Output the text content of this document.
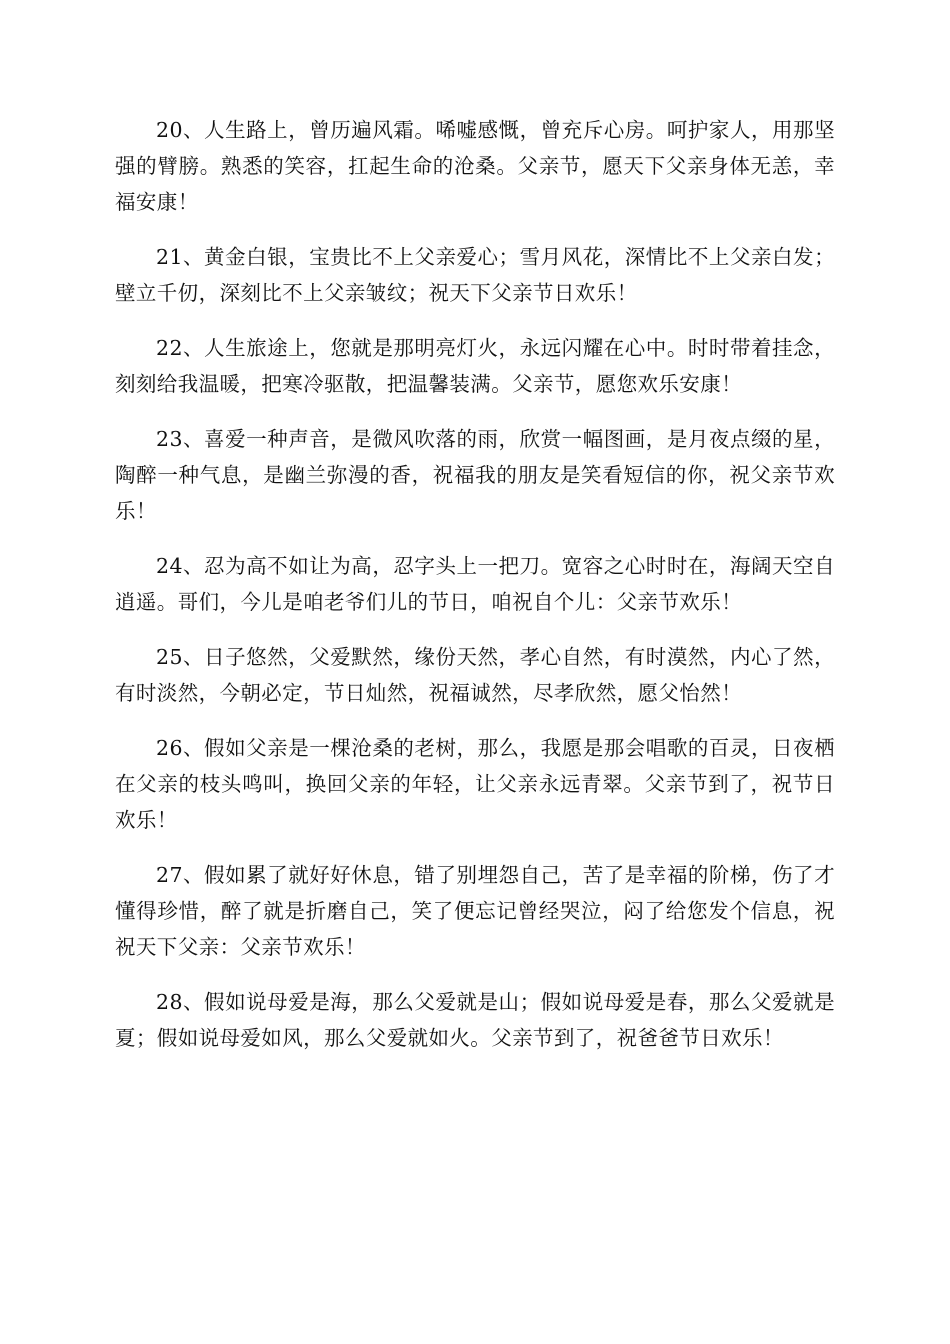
20、人生路上，曾历遍风霜。唏嘘感慨，曾充斥心房。呵护家人，用那坚强的臂膀。熟悉的笑容，扛起生命的沧桑。父亲节，愿天下父亲身体无恙，幸福安康！

21、黄金白银，宝贵比不上父亲爱心；雪月风花，深情比不上父亲白发；壁立千仞，深刻比不上父亲皱纹；祝天下父亲节日欢乐！

22、人生旅途上，您就是那明亮灯火，永远闪耀在心中。时时带着挂念，刻刻给我温暖，把寒冷驱散，把温馨装满。父亲节，愿您欢乐安康！

23、喜爱一种声音，是微风吹落的雨，欣赏一幅图画，是月夜点缀的星，陶醉一种气息，是幽兰弥漫的香，祝福我的朋友是笑看短信的你，祝父亲节欢乐！

24、忍为高不如让为高，忍字头上一把刀。宽容之心时时在，海阔天空自逍遥。哥们，今儿是咱老爷们儿的节日，咱祝自个儿：父亲节欢乐！

25、日子悠然，父爱默然，缘份天然，孝心自然，有时漠然，内心了然，有时淡然，今朝必定，节日灿然，祝福诚然，尽孝欣然，愿父怡然！

26、假如父亲是一棵沧桑的老树，那么，我愿是那会唱歌的百灵，日夜栖在父亲的枝头鸣叫，换回父亲的年轻，让父亲永远青翠。父亲节到了，祝节日欢乐！

27、假如累了就好好休息，错了别埋怨自己，苦了是幸福的阶梯，伤了才懂得珍惜，醉了就是折磨自己，笑了便忘记曾经哭泣，闷了给您发个信息，祝祝天下父亲：父亲节欢乐！

28、假如说母爱是海，那么父爱就是山；假如说母爱是春，那么父爱就是夏；假如说母爱如风，那么父爱就如火。父亲节到了，祝爸爸节日欢乐！
